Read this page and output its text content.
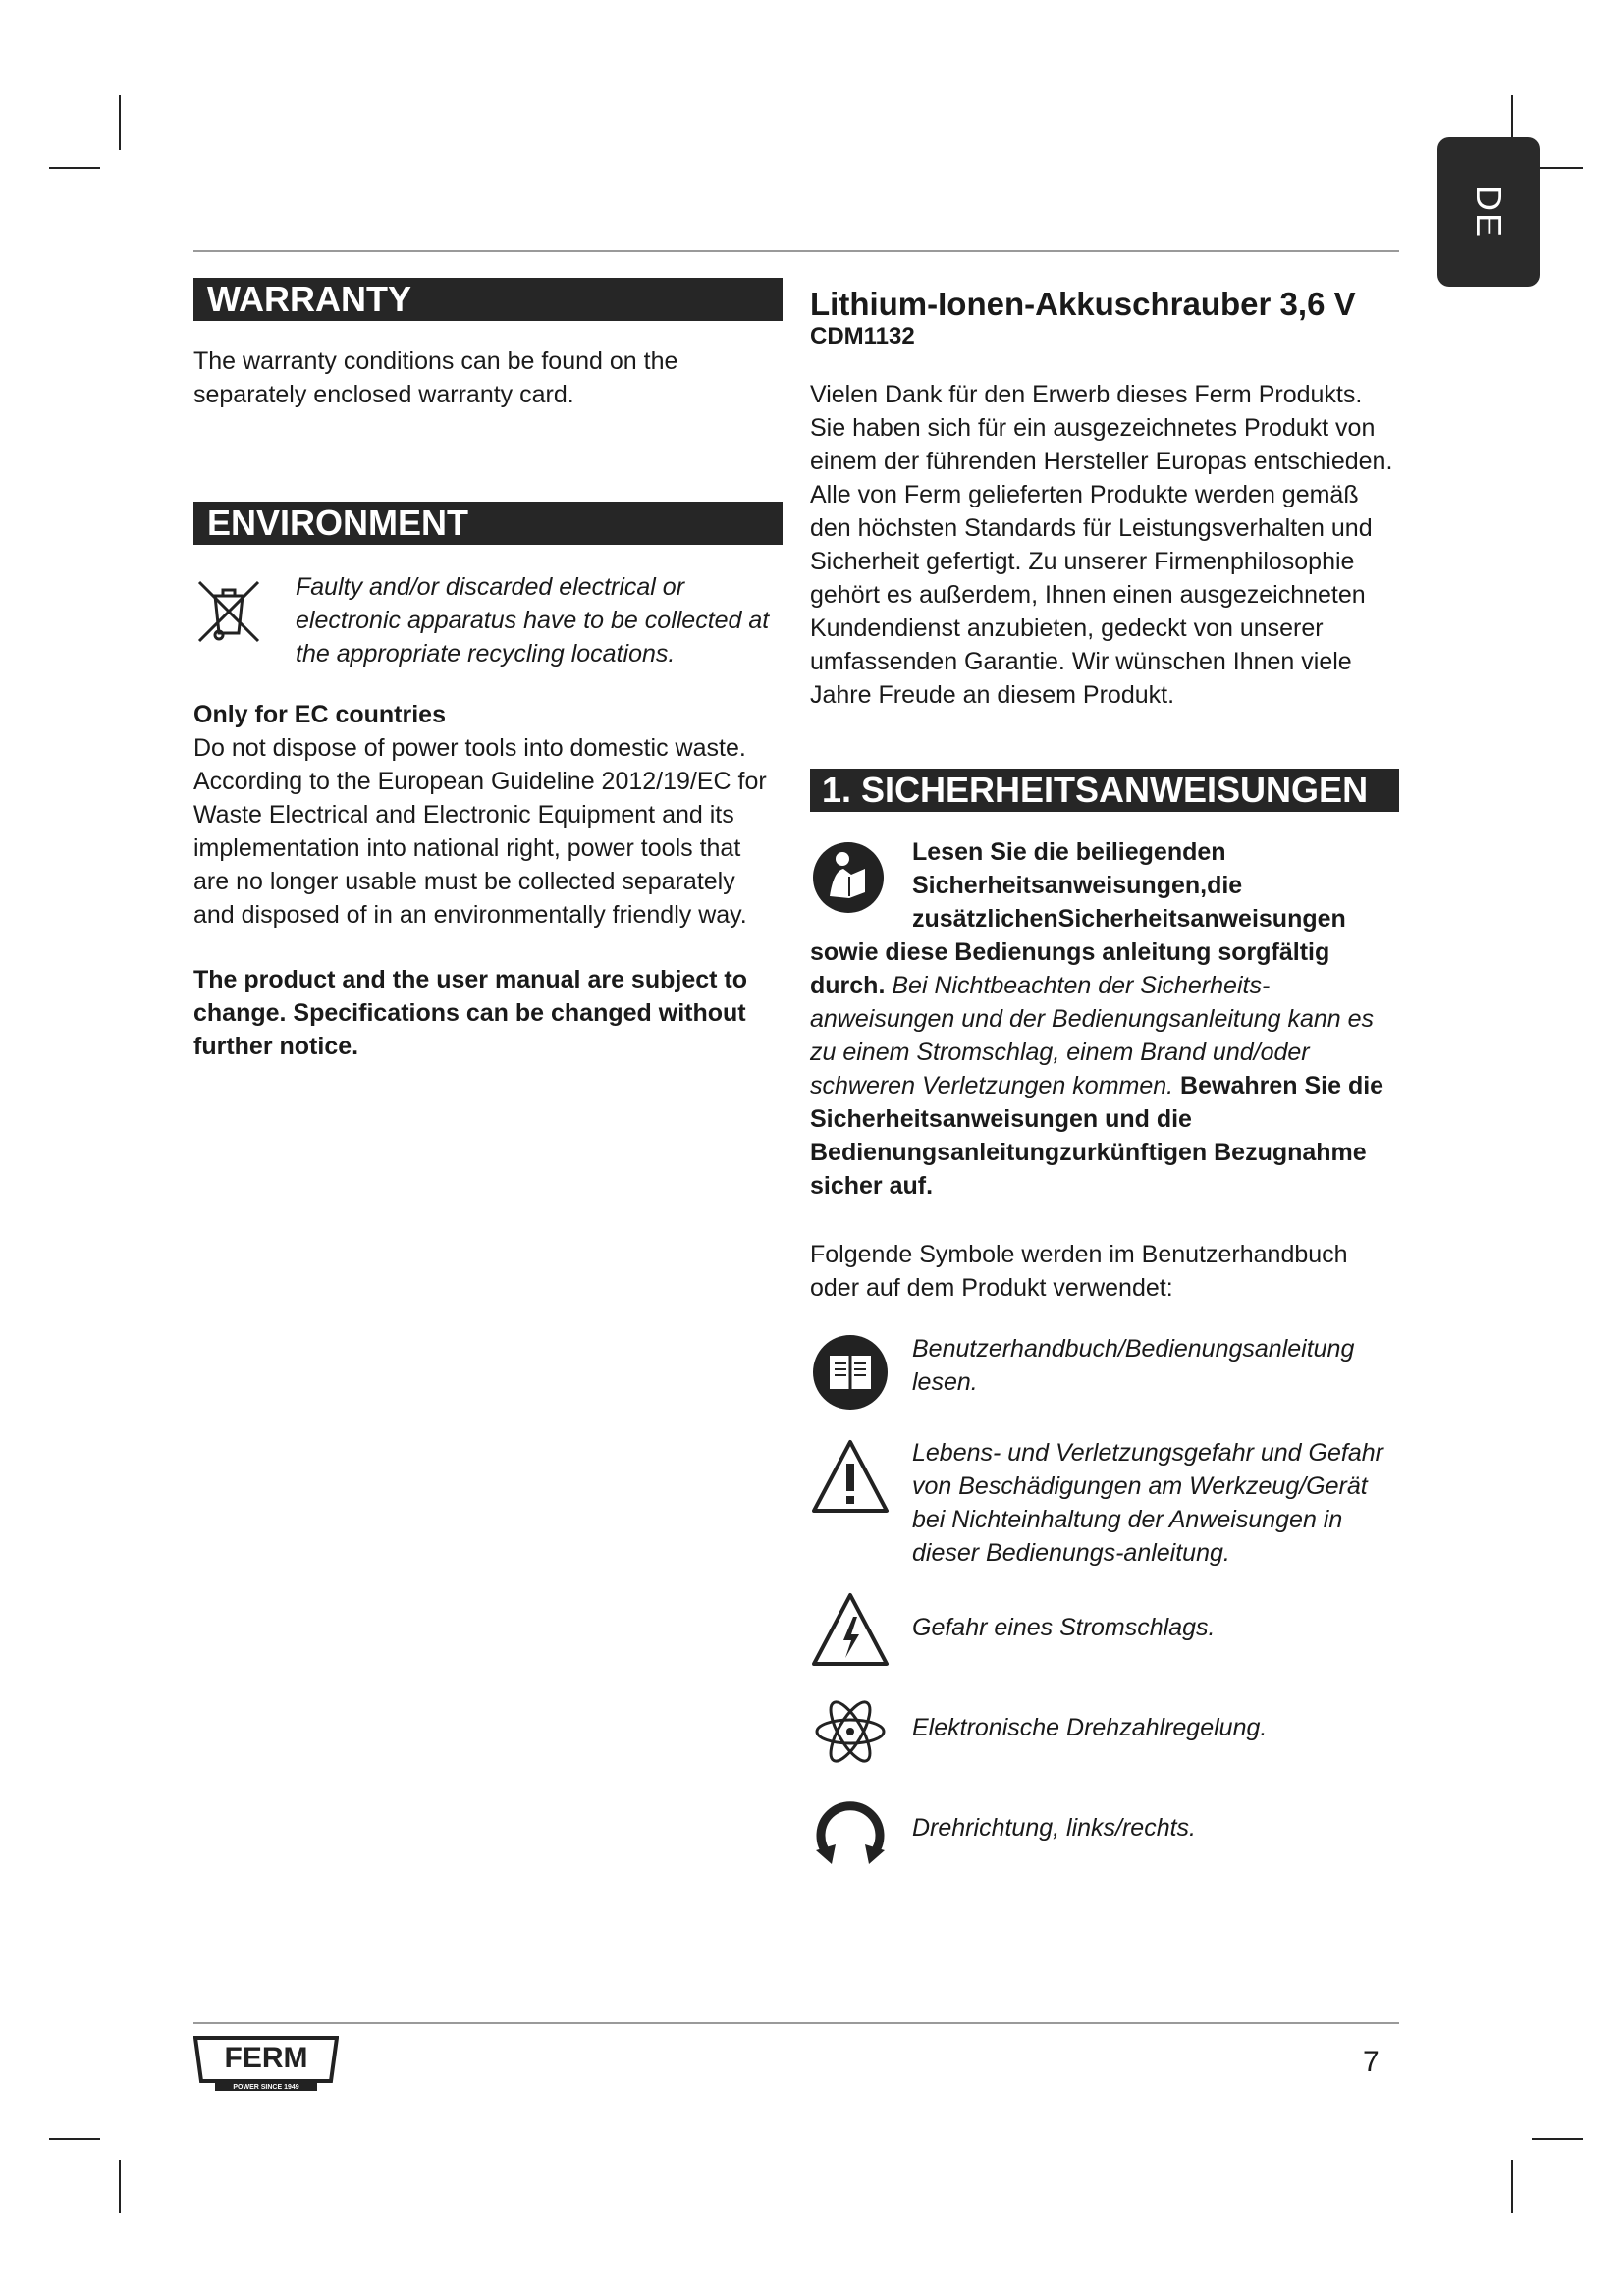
DE
WARRANTY

The warranty conditions can be found on the separately enclosed warranty card.

ENVIRONMENT

Faulty and/or discarded electrical or electronic apparatus have to be collected at the appropriate recycling locations.

Only for EC countries

Do not dispose of power tools into domestic waste. According to the European Guideline 2012/19/EC for Waste Electrical and Electronic Equipment and its implementation into national right, power tools that are no longer usable must be collected separately and disposed of in an environmentally friendly way.

The product and the user manual are subject to change. Specifications can be changed without further notice.

Lithium-Ionen-Akkuschrauber 3,6 V
CDM1132

Vielen Dank für den Erwerb dieses Ferm Produkts. Sie haben sich für ein ausgezeichnetes Produkt von einem der führenden Hersteller Europas entschieden. Alle von Ferm gelieferten Produkte werden gemäß den höchsten Standards für Leistungsverhalten und Sicherheit gefertigt. Zu unserer Firmenphilosophie gehört es außerdem, Ihnen einen ausgezeichneten Kundendienst anzubieten, gedeckt von unserer umfassenden Garantie. Wir wünschen Ihnen viele Jahre Freude an diesem Produkt.

1. SICHERHEITSANWEISUNGEN

Lesen Sie die beiliegenden Sicherheitsanweisungen,die zusätzlichenSicherheitsanweisungen sowie diese Bedienungs anleitung sorgfältig durch. Bei Nichtbeachten der Sicherheits-anweisungen und der Bedienungsanleitung kann es zu einem Stromschlag, einem Brand und/oder schweren Verletzungen kommen. Bewahren Sie die Sicherheitsanweisungen und die Bedienungsanleitungzurkünftigen Bezugnahme sicher auf.

Folgende Symbole werden im Benutzerhandbuch oder auf dem Produkt verwendet:

Benutzerhandbuch/Bedienungsanleitung lesen.
Lebens- und Verletzungsgefahr und Gefahr von Beschädigungen am Werkzeug/Gerät bei Nichteinhaltung der Anweisungen in dieser Bedienungs-anleitung.
Gefahr eines Stromschlags.
Elektronische Drehzahlregelung.
Drehrichtung, links/rechts.
FERM
POWER SINCE 1949
7
